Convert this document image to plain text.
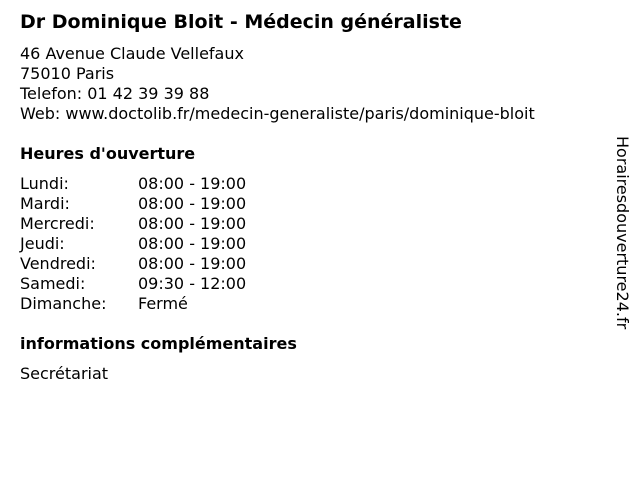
Dr Dominique Bloit - Médecin généraliste
46 Avenue Claude Vellefaux
75010 Paris
Telefon: 01 42 39 39 88
Web: www.doctolib.fr/medecin-generaliste/paris/dominique-bloit
Heures d'ouverture
Lundi:	08:00 - 19:00
Mardi:	08:00 - 19:00
Mercredi:	08:00 - 19:00
Jeudi:	08:00 - 19:00
Vendredi:	08:00 - 19:00
Samedi:	09:30 - 12:00
Dimanche: Fermé
informations complémentaires
Secrétariat
Horairesdouverture24.fr
